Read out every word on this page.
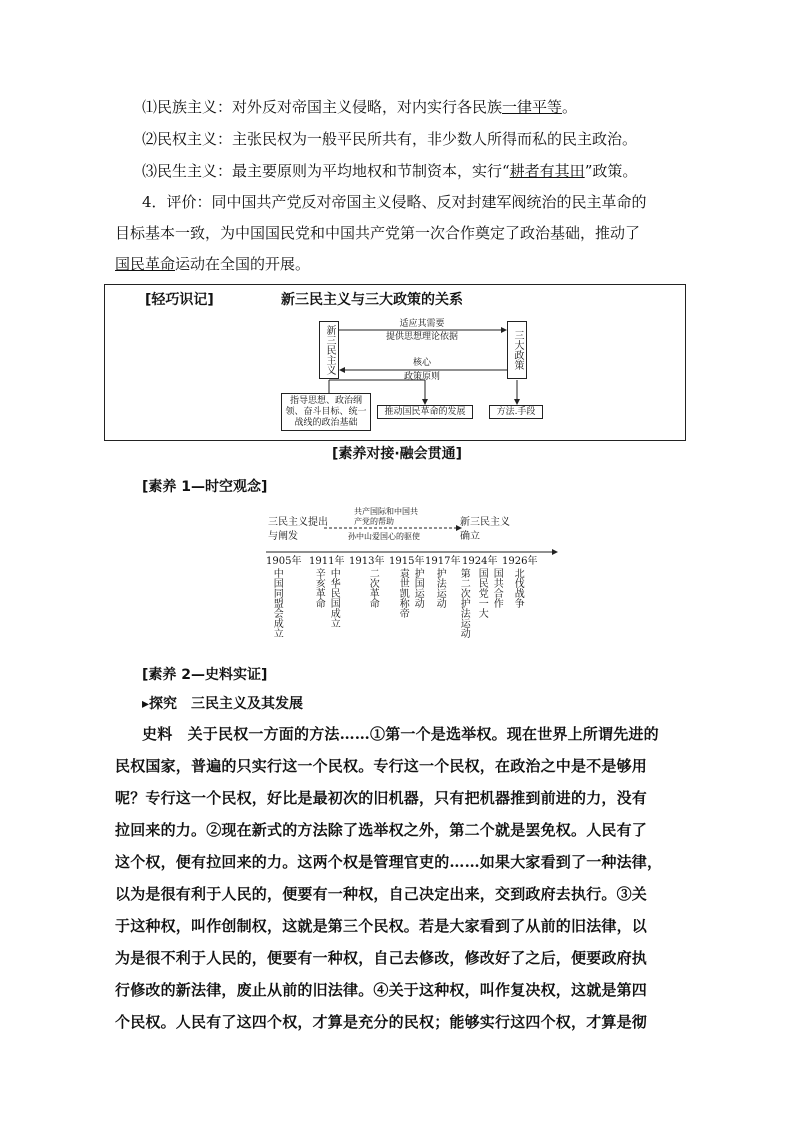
⑴民族主义：对外反对帝国主义侵略，对内实行各民族一律平等。
⑵民权主义：主张民权为一般平民所共有，非少数人所得而私的民主政治。
⑶民生主义：最主要原则为平均地权和节制资本，实行“耕者有其田”政策。
4．评价：同中国共产党反对帝国主义侵略、反对封建军阀统治的民主革命的
目标基本一致，为中国国民党和中国共产党第一次合作奠定了政治基础，推动了
国民革命运动在全国的开展。
[轻巧识记]	新三民主义与三大政策的关系
新三民主义	三大政策
适应其需要
提供思想理论依据
核心
政策原则
指导思想、政治纲领、奋斗目标、统一战线的政治基础
推动国民革命的发展	方法.手段
[素养对接·融会贯通]
[素养 1—时空观念]
三民主义提出
与阐发
共产国际和中国共
产党的帮助
孙中山爱国心的驱使
新三民主义
确立
1905年 1911年 1913年 1915年 1917年 1924年 1926年
中国同盟会成立	辛亥革命 中华民国成立	二次革命 袁世凯称帝 护国运动 护法运动 第二次护法运动 国民党一大 国共合作 北伐战争
[素养 2—史料实证]
▸探究　三民主义及其发展
史料　关于民权一方面的方法……①第一个是选举权。现在世界上所谓先进的
民权国家，普遍的只实行这一个民权。专行这一个民权，在政治之中是不是够用
呢？专行这一个民权，好比是最初次的旧机器，只有把机器推到前进的力，没有
拉回来的力。②现在新式的方法除了选举权之外，第二个就是罢免权。人民有了
这个权，便有拉回来的力。这两个权是管理官吏的……如果大家看到了一种法律，
以为是很有利于人民的，便要有一种权，自己决定出来，交到政府去执行。③关
于这种权，叫作创制权，这就是第三个民权。若是大家看到了从前的旧法律，以
为是很不利于人民的，便要有一种权，自己去修改，修改好了之后，便要政府执
行修改的新法律，废止从前的旧法律。④关于这种权，叫作复决权，这就是第四
个民权。人民有了这四个权，才算是充分的民权；能够实行这四个权，才算是彻
